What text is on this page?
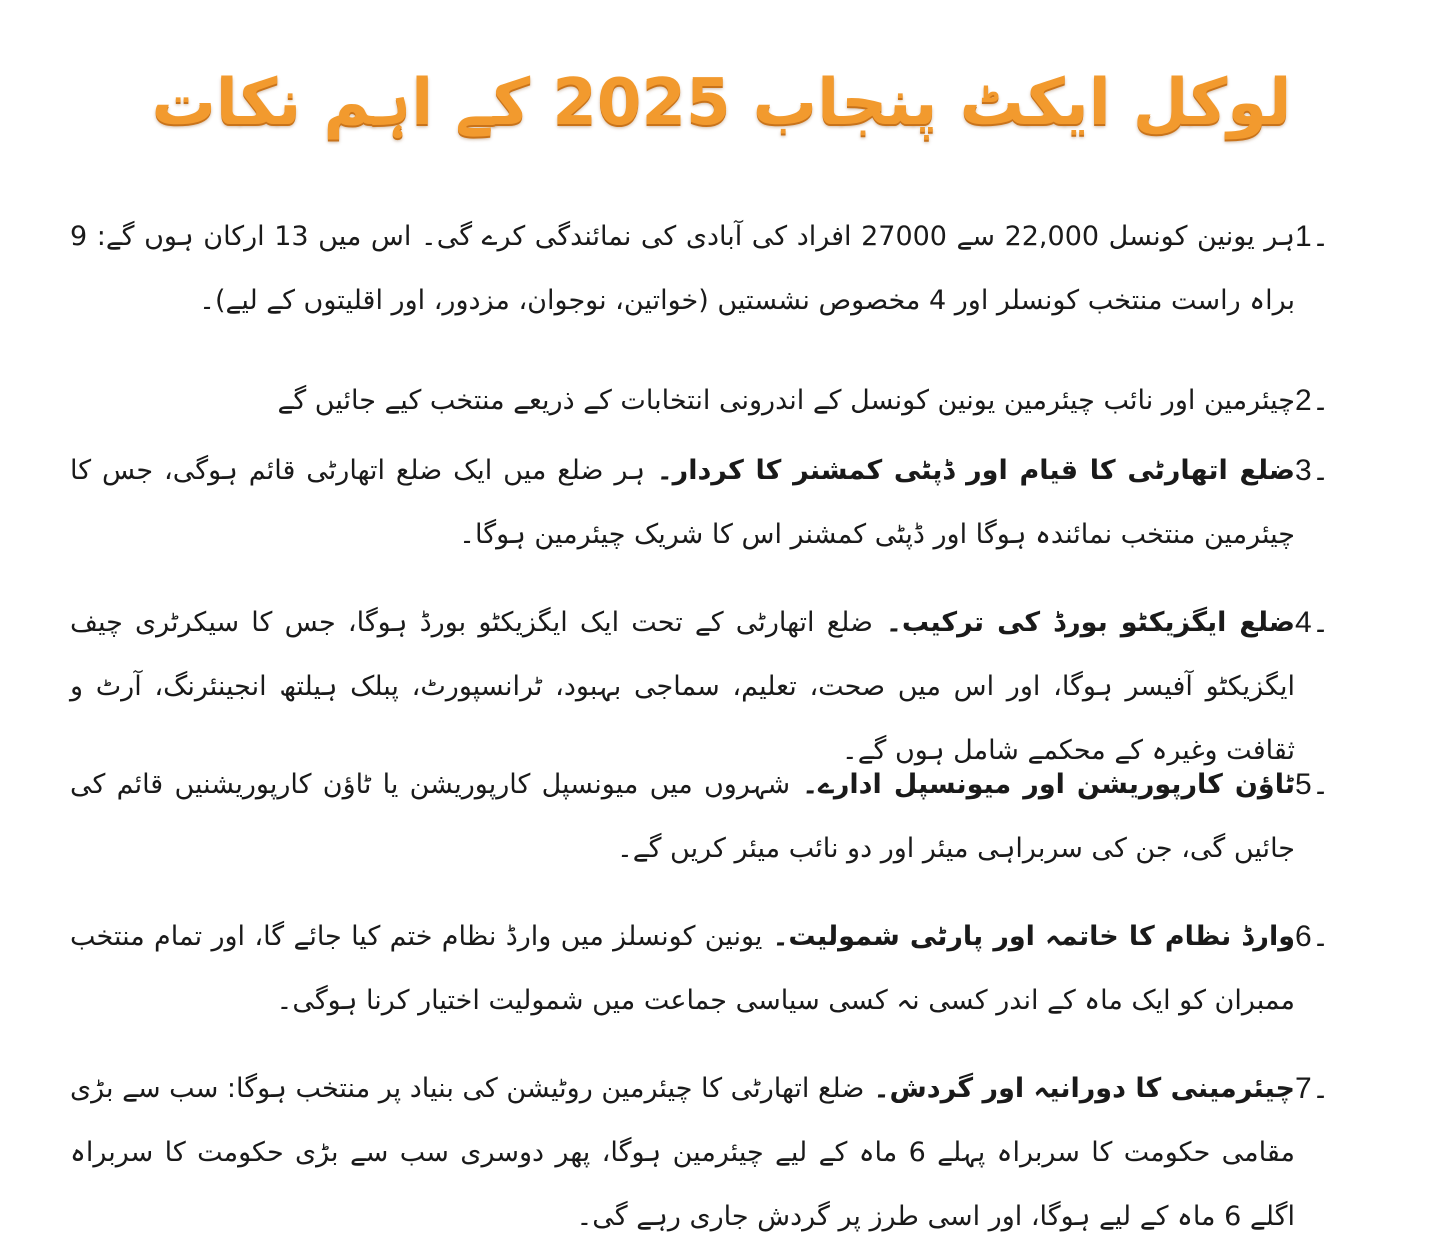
لوکل ایکٹ پنجاب 2025 کے اہم نکات
1۔
ہر یونین کونسل 22,000 سے 27000 افراد کی آبادی کی نمائندگی کرے گی۔ اس میں 13 ارکان ہوں گے: 9 براہ راست منتخب کونسلر اور 4 مخصوص نشستیں (خواتین، نوجوان، مزدور، اور اقلیتوں کے لیے)۔
2۔
چیئرمین اور نائب چیئرمین یونین کونسل کے اندرونی انتخابات کے ذریعے منتخب کیے جائیں گے
3۔
ضلع اتھارٹی کا قیام اور ڈپٹی کمشنر کا کردار۔ ہر ضلع میں ایک ضلع اتھارٹی قائم ہوگی، جس کا چیئرمین منتخب نمائندہ ہوگا اور ڈپٹی کمشنر اس کا شریک چیئرمین ہوگا۔
4۔
ضلع ایگزیکٹو بورڈ کی ترکیب۔ ضلع اتھارٹی کے تحت ایک ایگزیکٹو بورڈ ہوگا، جس کا سیکرٹری چیف ایگزیکٹو آفیسر ہوگا، اور اس میں صحت، تعلیم، سماجی بہبود، ٹرانسپورٹ، پبلک ہیلتھ انجینئرنگ، آرٹ و ثقافت وغیرہ کے محکمے شامل ہوں گے۔
5۔
ٹاؤن کارپوریشن اور میونسپل ادارے۔ شہروں میں میونسپل کارپوریشن یا ٹاؤن کارپوریشنیں قائم کی جائیں گی، جن کی سربراہی میئر اور دو نائب میئر کریں گے۔
6۔
وارڈ نظام کا خاتمہ اور پارٹی شمولیت۔ یونین کونسلز میں وارڈ نظام ختم کیا جائے گا، اور تمام منتخب ممبران کو ایک ماہ کے اندر کسی نہ کسی سیاسی جماعت میں شمولیت اختیار کرنا ہوگی۔
7۔
چیئرمینی کا دورانیہ اور گردش۔ ضلع اتھارٹی کا چیئرمین روٹیشن کی بنیاد پر منتخب ہوگا: سب سے بڑی مقامی حکومت کا سربراہ پہلے 6 ماہ کے لیے چیئرمین ہوگا، پھر دوسری سب سے بڑی حکومت کا سربراہ اگلے 6 ماہ کے لیے ہوگا، اور اسی طرز پر گردش جاری رہے گی۔
